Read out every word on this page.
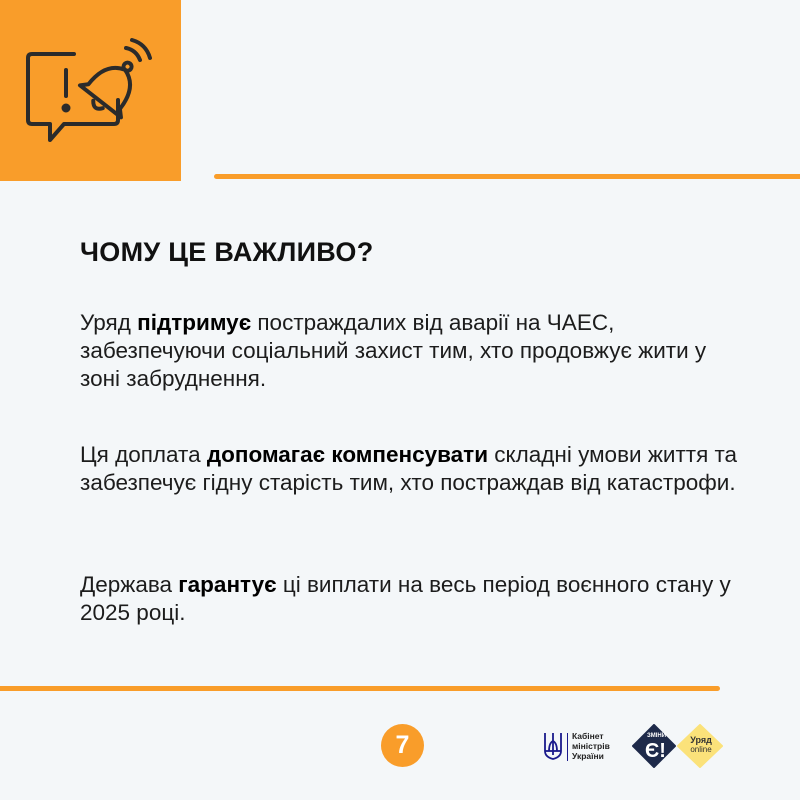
ЧОМУ ЦЕ ВАЖЛИВО?

Уряд підтримує постраждалих від аварії на ЧАЕС, забезпечуючи соціальний захист тим, хто продовжує жити у зоні забруднення.

Ця доплата допомагає компенсувати складні умови життя та забезпечує гідну старість тим, хто постраждав від катастрофи.

Держава гарантує ці виплати на весь період воєнного стану у 2025 році.

7	Кабінет
міністрів
України
ЗМІНИ
Є!	Уряд
online
